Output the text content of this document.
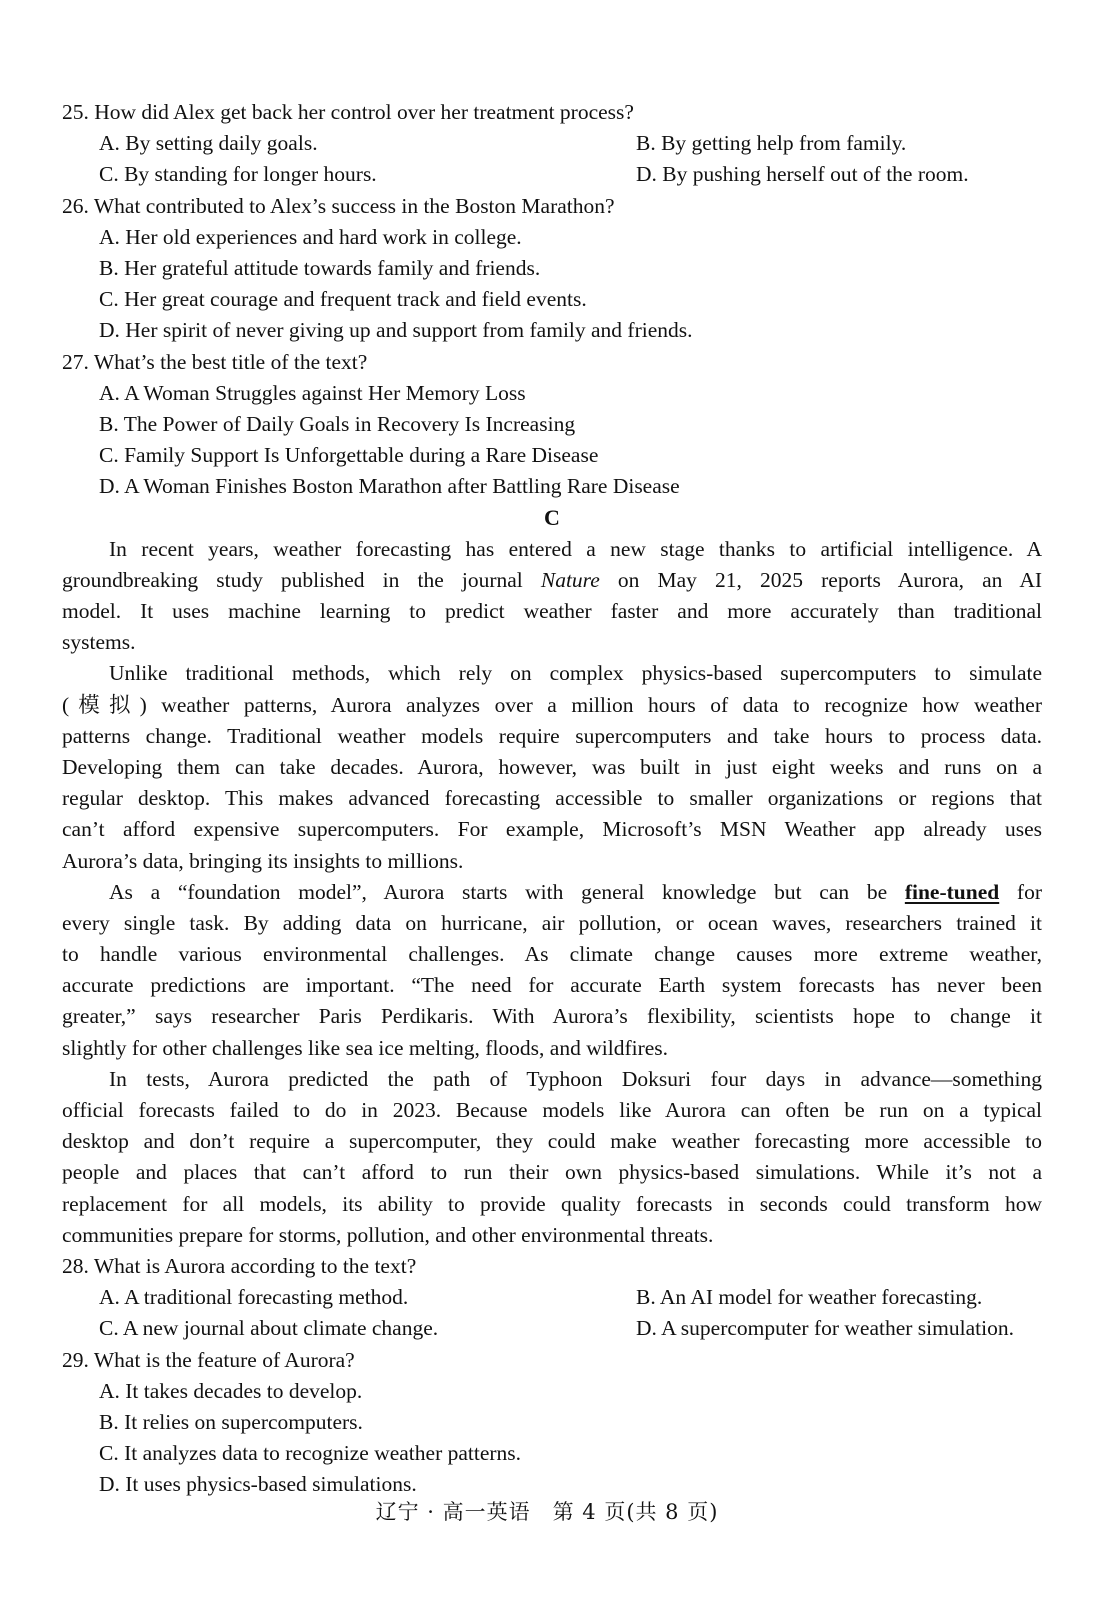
25. How did Alex get back her control over her treatment process?
A. By setting daily goals.	B. By getting help from family.
C. By standing for longer hours.	D. By pushing herself out of the room.
26. What contributed to Alex’s success in the Boston Marathon?
A. Her old experiences and hard work in college.
B. Her grateful attitude towards family and friends.
C. Her great courage and frequent track and field events.
D. Her spirit of never giving up and support from family and friends.
27. What’s the best title of the text?
A. A Woman Struggles against Her Memory Loss
B. The Power of Daily Goals in Recovery Is Increasing
C. Family Support Is Unforgettable during a Rare Disease
D. A Woman Finishes Boston Marathon after Battling Rare Disease
C
In recent years, weather forecasting has entered a new stage thanks to artificial intelligence. A
groundbreaking study published in the journal Nature on May 21, 2025 reports Aurora, an AI
model. It uses machine learning to predict weather faster and more accurately than traditional
systems.
Unlike traditional methods, which rely on complex physics-based supercomputers to simulate
(模拟) weather patterns, Aurora analyzes over a million hours of data to recognize how weather
patterns change. Traditional weather models require supercomputers and take hours to process data.
Developing them can take decades. Aurora, however, was built in just eight weeks and runs on a
regular desktop. This makes advanced forecasting accessible to smaller organizations or regions that
can’t afford expensive supercomputers. For example, Microsoft’s MSN Weather app already uses
Aurora’s data, bringing its insights to millions.
As a “foundation model”, Aurora starts with general knowledge but can be fine-tuned for
every single task. By adding data on hurricane, air pollution, or ocean waves, researchers trained it
to handle various environmental challenges. As climate change causes more extreme weather,
accurate predictions are important. “The need for accurate Earth system forecasts has never been
greater,” says researcher Paris Perdikaris. With Aurora’s flexibility, scientists hope to change it
slightly for other challenges like sea ice melting, floods, and wildfires.
In tests, Aurora predicted the path of Typhoon Doksuri four days in advance—something
official forecasts failed to do in 2023. Because models like Aurora can often be run on a typical
desktop and don’t require a supercomputer, they could make weather forecasting more accessible to
people and places that can’t afford to run their own physics-based simulations. While it’s not a
replacement for all models, its ability to provide quality forecasts in seconds could transform how
communities prepare for storms, pollution, and other environmental threats.
28. What is Aurora according to the text?
A. A traditional forecasting method.	B. An AI model for weather forecasting.
C. A new journal about climate change.	D. A supercomputer for weather simulation.
29. What is the feature of Aurora?
A. It takes decades to develop.
B. It relies on supercomputers.
C. It analyzes data to recognize weather patterns.
D. It uses physics-based simulations.
辽宁 · 高一英语　第 4 页(共 8 页)
